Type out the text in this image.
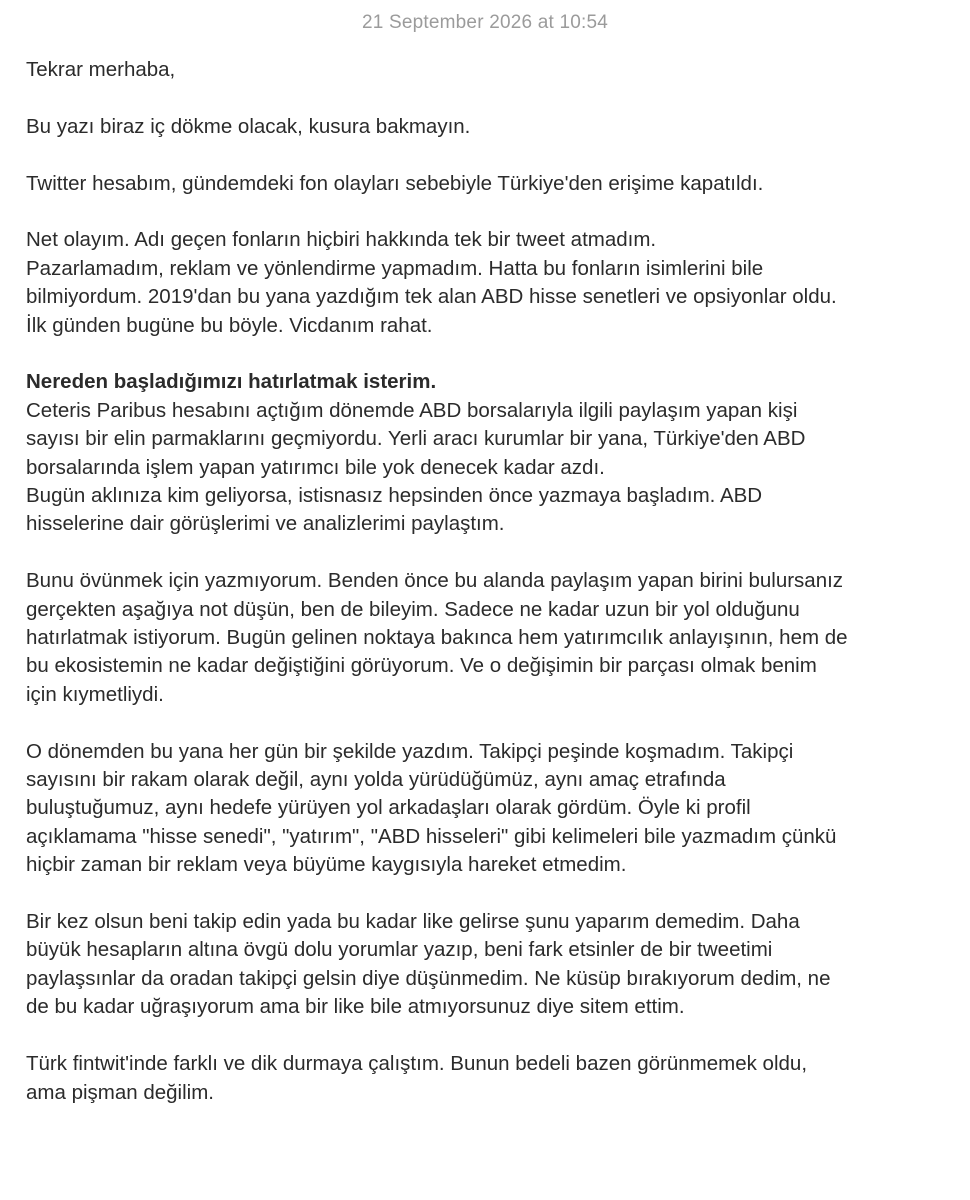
21 September 2026 at 10:54

Tekrar merhaba,

Bu yazı biraz iç dökme olacak, kusura bakmayın.

Twitter hesabım, gündemdeki fon olayları sebebiyle Türkiye'den erişime kapatıldı.

Net olayım. Adı geçen fonların hiçbiri hakkında tek bir tweet atmadım.
Pazarlamadım, reklam ve yönlendirme yapmadım. Hatta bu fonların isimlerini bile
bilmiyordum. 2019'dan bu yana yazdığım tek alan ABD hisse senetleri ve opsiyonlar oldu.
İlk günden bugüne bu böyle. Vicdanım rahat.

Nereden başladığımızı hatırlatmak isterim.
Ceteris Paribus hesabını açtığım dönemde ABD borsalarıyla ilgili paylaşım yapan kişi
sayısı bir elin parmaklarını geçmiyordu. Yerli aracı kurumlar bir yana, Türkiye'den ABD
borsalarında işlem yapan yatırımcı bile yok denecek kadar azdı.
Bugün aklınıza kim geliyorsa, istisnasız hepsinden önce yazmaya başladım. ABD
hisselerine dair görüşlerimi ve analizlerimi paylaştım.

Bunu övünmek için yazmıyorum. Benden önce bu alanda paylaşım yapan birini bulursanız
gerçekten aşağıya not düşün, ben de bileyim. Sadece ne kadar uzun bir yol olduğunu
hatırlatmak istiyorum. Bugün gelinen noktaya bakınca hem yatırımcılık anlayışının, hem de
bu ekosistemin ne kadar değiştiğini görüyorum. Ve o değişimin bir parçası olmak benim
için kıymetliydi.

O dönemden bu yana her gün bir şekilde yazdım. Takipçi peşinde koşmadım. Takipçi
sayısını bir rakam olarak değil, aynı yolda yürüdüğümüz, aynı amaç etrafında
buluştuğumuz, aynı hedefe yürüyen yol arkadaşları olarak gördüm. Öyle ki profil
açıklamama "hisse senedi", "yatırım", "ABD hisseleri" gibi kelimeleri bile yazmadım çünkü
hiçbir zaman bir reklam veya büyüme kaygısıyla hareket etmedim.

Bir kez olsun beni takip edin yada bu kadar like gelirse şunu yaparım demedim. Daha
büyük hesapların altına övgü dolu yorumlar yazıp, beni fark etsinler de bir tweetimi
paylaşsınlar da oradan takipçi gelsin diye düşünmedim. Ne küsüp bırakıyorum dedim, ne
de bu kadar uğraşıyorum ama bir like bile atmıyorsunuz diye sitem ettim.

Türk fintwit'inde farklı ve dik durmaya çalıştım. Bunun bedeli bazen görünmemek oldu,
ama pişman değilim.
